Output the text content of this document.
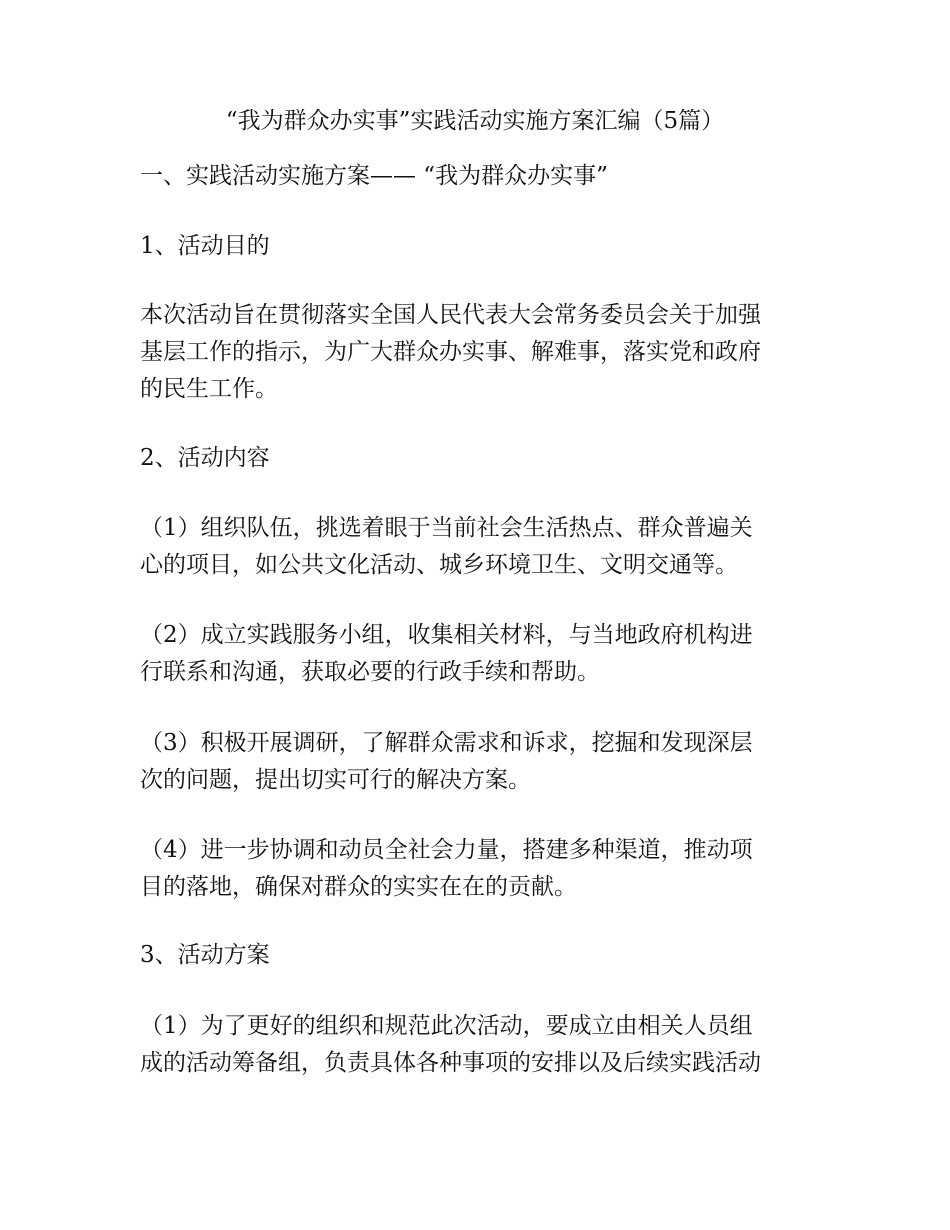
“我为群众办实事”实践活动实施方案汇编（5篇）
一、实践活动实施方案—— “我为群众办实事”
1、活动目的
本次活动旨在贯彻落实全国人民代表大会常务委员会关于加强
基层工作的指示，为广大群众办实事、解难事，落实党和政府
的民生工作。
2、活动内容
（1）组织队伍，挑选着眼于当前社会生活热点、群众普遍关
心的项目，如公共文化活动、城乡环境卫生、文明交通等。
（2）成立实践服务小组，收集相关材料，与当地政府机构进
行联系和沟通，获取必要的行政手续和帮助。
（3）积极开展调研，了解群众需求和诉求，挖掘和发现深层
次的问题，提出切实可行的解决方案。
（4）进一步协调和动员全社会力量，搭建多种渠道，推动项
目的落地，确保对群众的实实在在的贡献。
3、活动方案
（1）为了更好的组织和规范此次活动，要成立由相关人员组
成的活动筹备组，负责具体各种事项的安排以及后续实践活动
